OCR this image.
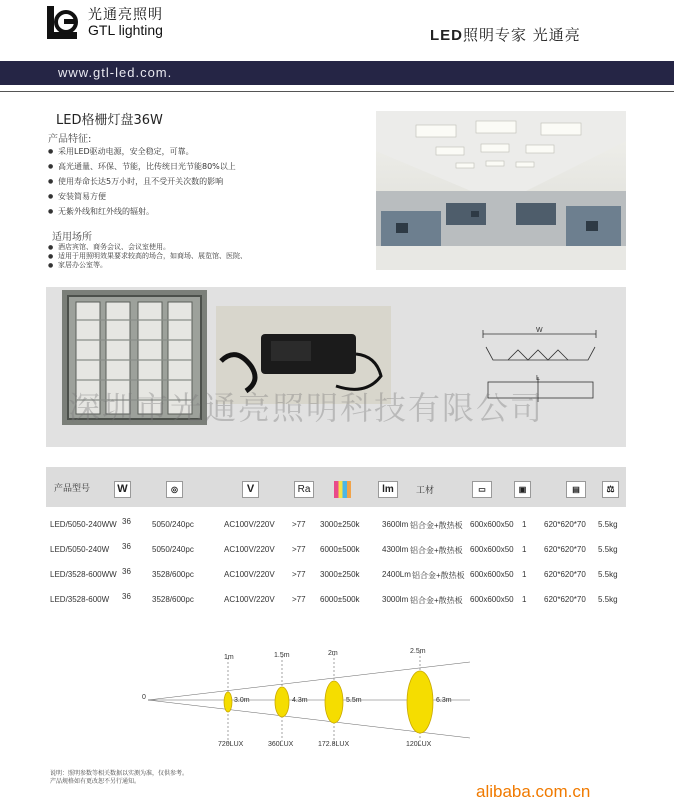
光通亮照明
GTL lighting	LED照明专家 光通亮
www.gtl-led.com.
LED格栅灯盘36W
产品特征:
● 采用LED驱动电源，安全稳定，可靠。
● 高光通量、环保、节能，比传统日光节能80%以上
● 使用寿命长达5万小时，且不受开关次数的影响
● 安装简易方便
● 无紫外线和红外线的辐射。
适用场所
● 酒店宾馆、商务会议、会议室使用。
● 适用于用照明效果要求较高的场合，如商场、展览馆、医院、
● 家居办公室等。
W
L
深圳市光通亮照明科技有限公司
产品型号 W	◎	V	Ra	lm	工材	▭	▣	▤	⚖
LED/5050-240WW 36	5050/240pc	AC100V/220V >77 3000±250k	3600lm 铝合金+散热板 600x600x50 1 620*620*70 5.5kg
LED/5050-240W 36	5050/240pc	AC100V/220V >77 6000±500k	4300lm 铝合金+散热板 600x600x50 1 620*620*70 5.5kg
LED/3528-600WW 36	3528/600pc	AC100V/220V >77 3000±250k	2400Lm 铝合金+散热板 600x600x50 1 620*620*70 5.5kg
LED/3528-600W 36	3528/600pc	AC100V/220V >77 6000±500k	3000lm 铝合金+散热板 600x600x50 1 620*620*70 5.5kg
0
1m	1.5m	2m	2.5m
3.0m	4.3m	5.5m	6.3m
720LUX	360LUX	172.8LUX	120LUX
说明：照明参数等相关数据以实测为准，仅供参考。
产品规格如有更改恕不另行通知。
alibaba.com.cn
